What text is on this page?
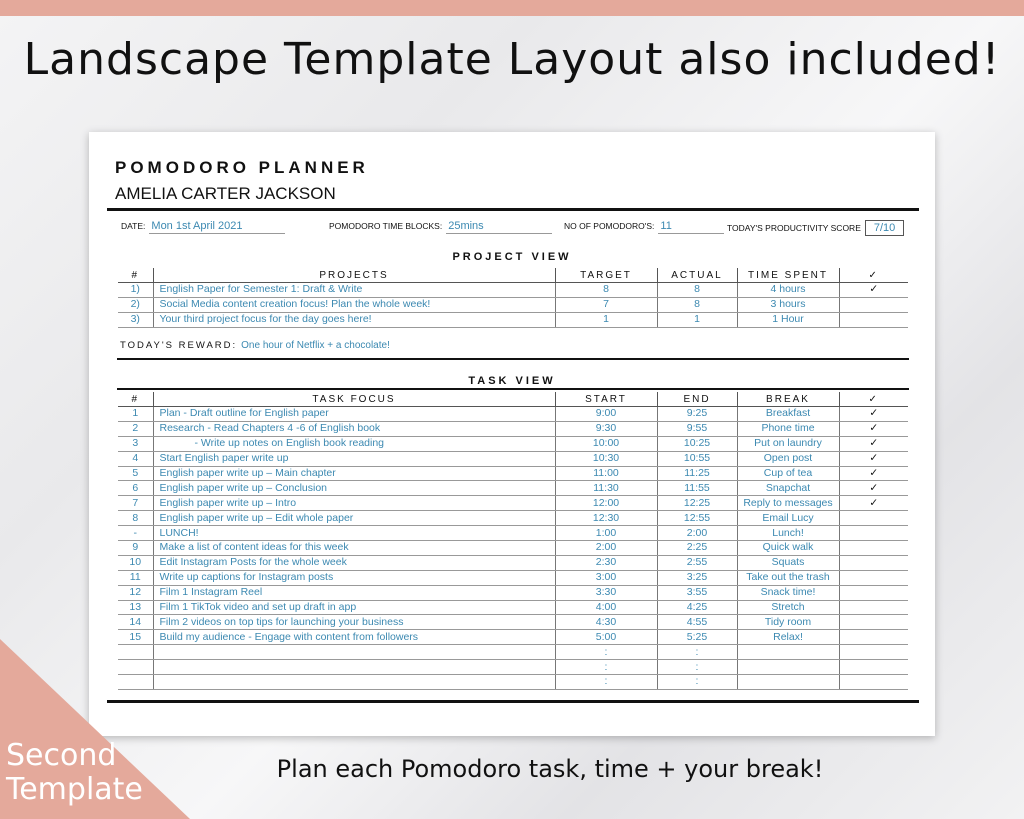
Landscape Template Layout also included!
POMODORO PLANNER
AMELIA CARTER JACKSON
DATE: Mon 1st April 2021	POMODORO TIME BLOCKS: 25mins	NO OF POMODORO'S: 11	TODAY'S PRODUCTIVITY SCORE 7/10
PROJECT VIEW
#	PROJECTS	TARGET	ACTUAL	TIME SPENT	✓
1)	English Paper for Semester 1: Draft & Write	8	8	4 hours	✓
2)	Social Media content creation focus! Plan the whole week!	7	8	3 hours	
3)	Your third project focus for the day goes here!	1	1	1 Hour	
TODAY'S REWARD: One hour of Netflix + a chocolate!
TASK VIEW
#	TASK FOCUS	START	END	BREAK	✓
1	Plan - Draft outline for English paper	9:00	9:25	Breakfast	✓
2	Research - Read Chapters 4 -6 of English book	9:30	9:55	Phone time	✓
3	- Write up notes on English book reading	10:00	10:25	Put on laundry	✓
4	Start English paper write up	10:30	10:55	Open post	✓
5	English paper write up – Main chapter	11:00	11:25	Cup of tea	✓
6	English paper write up – Conclusion	11:30	11:55	Snapchat	✓
7	English paper write up – Intro	12:00	12:25	Reply to messages	✓
8	English paper write up – Edit whole paper	12:30	12:55	Email Lucy	
-	LUNCH!	1:00	2:00	Lunch!	
9	Make a list of content ideas for this week	2:00	2:25	Quick walk	
10	Edit Instagram Posts for the whole week	2:30	2:55	Squats	
11	Write up captions for Instagram posts	3:00	3:25	Take out the trash	
12	Film 1 Instagram Reel	3:30	3:55	Snack time!	
13	Film 1 TikTok video and set up draft in app	4:00	4:25	Stretch	
14	Film 2 videos on top tips for launching your business	4:30	4:55	Tidy room	
15	Build my audience - Engage with content from followers	5:00	5:25	Relax!	
		:	:		
		:	:		
		:	:		
Second
Template
Plan each Pomodoro task, time + your break!
